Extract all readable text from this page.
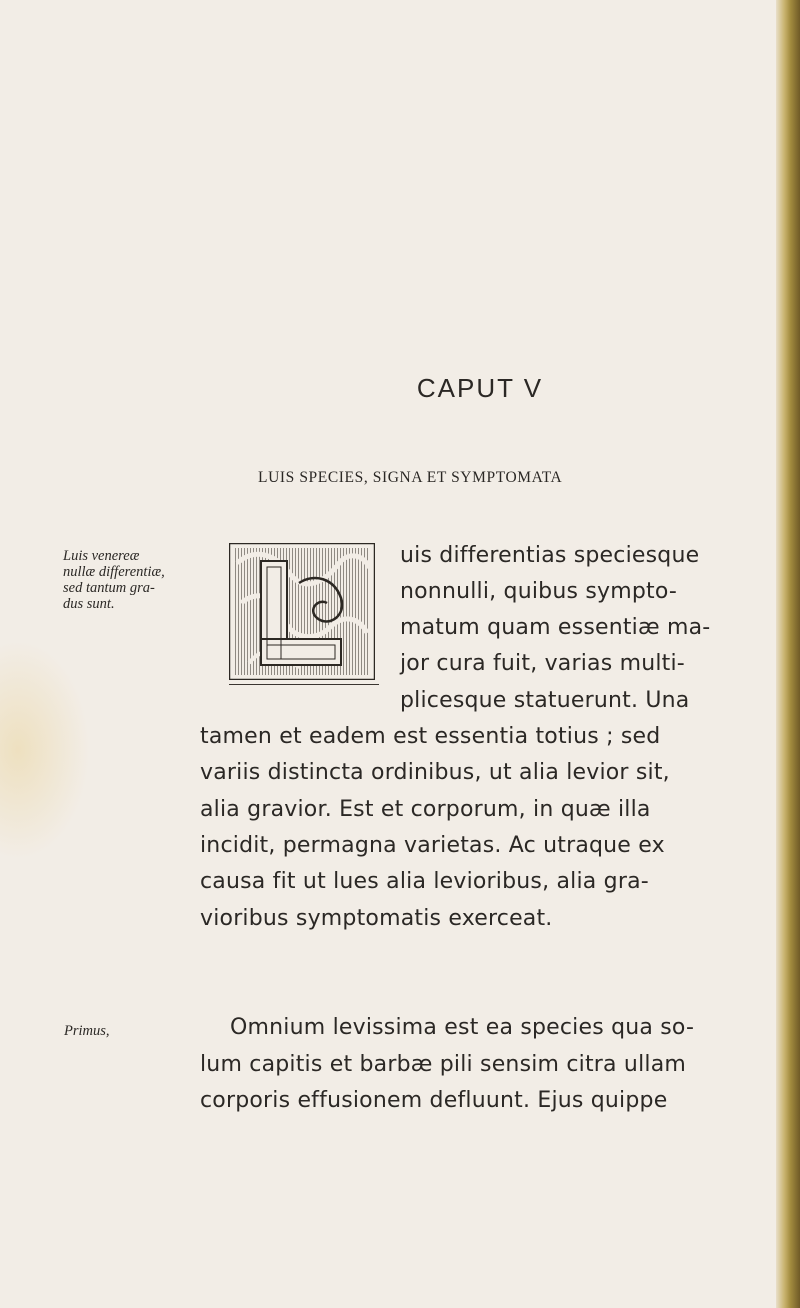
CAPUT V
LUIS SPECIES, SIGNA ET SYMPTOMATA
Luis venereæ
nullæ differentiæ,
sed tantum gra-
dus sunt.
Primus,
uis differentias speciesque
nonnulli, quibus sympto-
matum quam essentiæ ma-
jor cura fuit, varias multi-
plicesque statuerunt. Una
tamen et eadem est essentia totius ; sed
variis distincta ordinibus, ut alia levior sit,
alia gravior. Est et corporum, in quæ illa
incidit, permagna varietas. Ac utraque ex
causa fit ut lues alia levioribus, alia gra-
vioribus symptomatis exerceat.
Omnium levissima est ea species qua so-
lum capitis et barbæ pili sensim citra ullam
corporis effusionem defluunt. Ejus quippe
